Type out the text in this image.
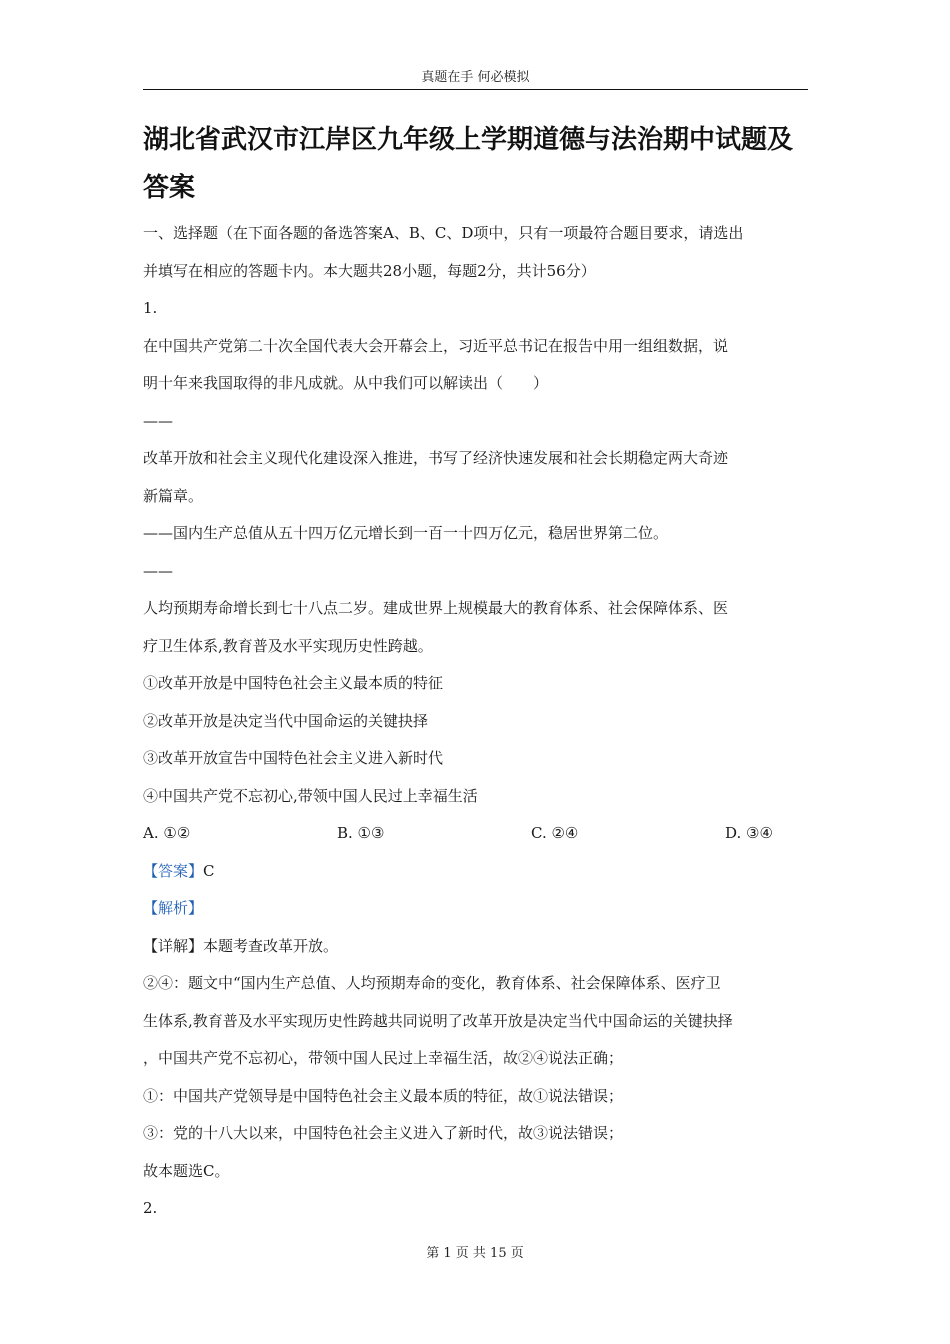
真题在手 何必模拟
湖北省武汉市江岸区九年级上学期道德与法治期中试题及答案

一、选择题（在下面各题的备选答案A、B、C、D项中，只有一项最符合题目要求，请选出

并填写在相应的答题卡内。本大题共28小题，每题2分，共计56分）

1.

在中国共产党第二十次全国代表大会开幕会上，习近平总书记在报告中用一组组数据，说

明十年来我国取得的非凡成就。从中我们可以解读出（　　）

——

改革开放和社会主义现代化建设深入推进，书写了经济快速发展和社会长期稳定两大奇迹

新篇章。

——国内生产总值从五十四万亿元增长到一百一十四万亿元，稳居世界第二位。

——

人均预期寿命增长到七十八点二岁。建成世界上规模最大的教育体系、社会保障体系、医

疗卫生体系,教育普及水平实现历史性跨越。

①改革开放是中国特色社会主义最本质的特征

②改革开放是决定当代中国命运的关键抉择

③改革开放宣告中国特色社会主义进入新时代

④中国共产党不忘初心,带领中国人民过上幸福生活

A. ①②	B. ①③	C. ②④	D. ③④

【答案】C

【解析】

【详解】本题考查改革开放。

②④：题文中“国内生产总值、人均预期寿命的变化，教育体系、社会保障体系、医疗卫

生体系,教育普及水平实现历史性跨越共同说明了改革开放是决定当代中国命运的关键抉择

，中国共产党不忘初心，带领中国人民过上幸福生活，故②④说法正确；

①：中国共产党领导是中国特色社会主义最本质的特征，故①说法错误；

③：党的十八大以来，中国特色社会主义进入了新时代，故③说法错误；

故本题选C。

2.

第 1 页 共 15 页
